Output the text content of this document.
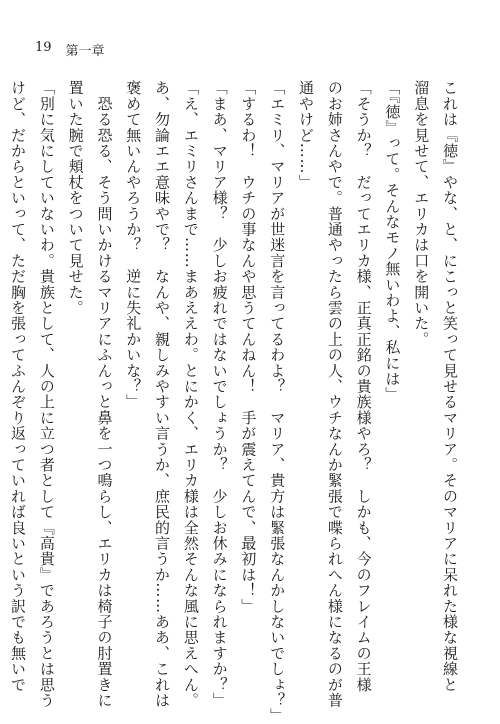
19 第一章

これは『徳』やな、と、にこっと笑って見せるマリア。そのマリアに呆れた様な視線と

溜息を見せて、エリカは口を開いた。

「『徳』って。そんなモノ無いわよ、私には」

「そうか？　だってエリカ様、正真正銘の貴族様やろ？　しかも、今のフレイムの王様

のお姉さんやで。普通やったら雲の上の人、ウチなんか緊張で喋られへん様になるのが普

通やけど……」

「エミリ、マリアが世迷言を言ってるわよ？　マリア、貴方は緊張なんかしないでしょ？」

「するわ！　ウチの事なんや思うてんねん！　手が震えてんで、最初は！」

「まあ、マリア様？　少しお疲れではないでしょうか？　少しお休みになられますか？」

「え、エミリさんまで……まあええわ。とにかく、エリカ様は全然そんな風に思えへん。

あ、勿論エエ意味やで？　なんや、親しみやすい言うか、庶民的言うか……ああ、これは

褒めて無いんやろうか？　逆に失礼かいな？」

　恐る恐る、そう問いかけるマリアにふんっと鼻を一つ鳴らし、エリカは椅子の肘置きに

置いた腕で頬杖をついて見せた。

「別に気にしていないわ。貴族として、人の上に立つ者として『高貴』であろうとは思う

けど、だからといって、ただ胸を張ってふんぞり返っていれば良いという訳でも無いで
